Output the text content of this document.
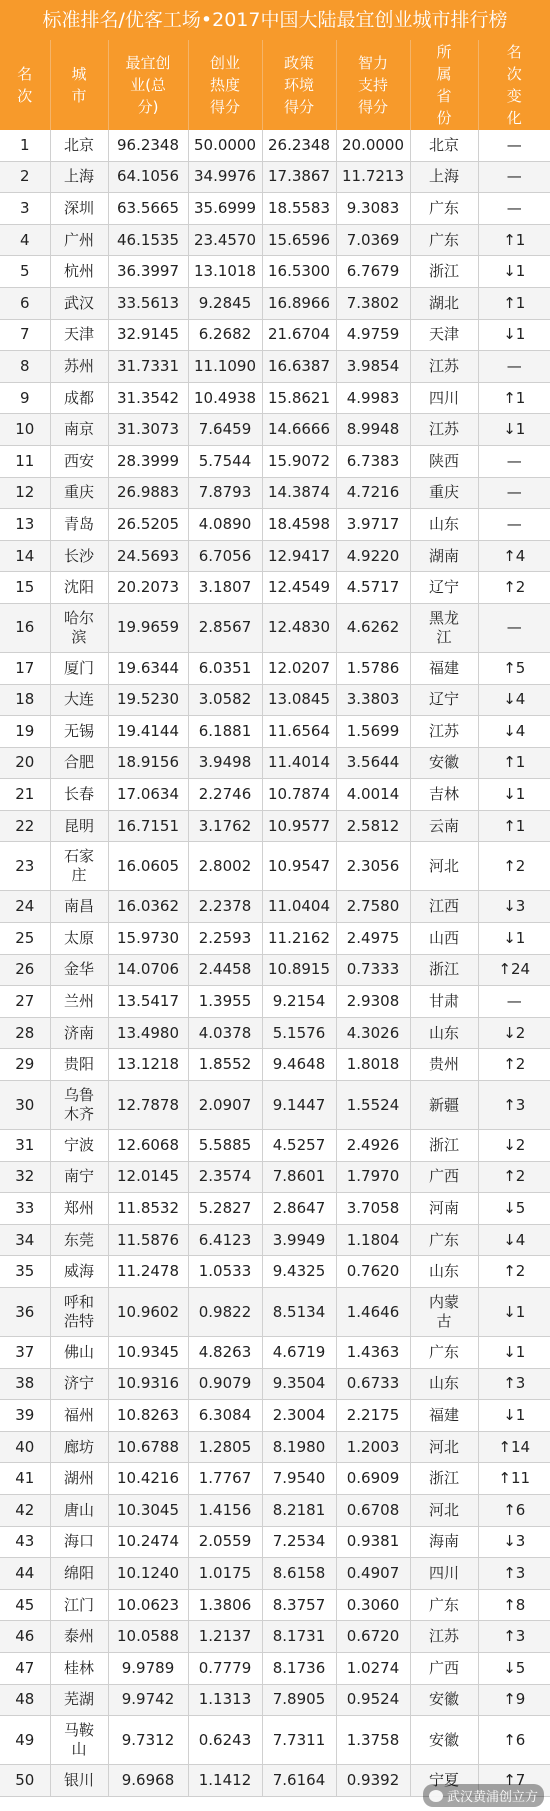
标准排名/优客工场•2017中国大陆最宜创业城市排行榜
名
次	城
市	最宜创
业(总
分)	创业
热度
得分	政策
环境
得分	智力
支持
得分	所
属
省
份	名
次
变
化
1	北京	96.2348	50.0000	26.2348	20.0000	北京	—
2	上海	64.1056	34.9976	17.3867	11.7213	上海	—
3	深圳	63.5665	35.6999	18.5583	9.3083	广东	—
4	广州	46.1535	23.4570	15.6596	7.0369	广东	↑1
5	杭州	36.3997	13.1018	16.5300	6.7679	浙江	↓1
6	武汉	33.5613	9.2845	16.8966	7.3802	湖北	↑1
7	天津	32.9145	6.2682	21.6704	4.9759	天津	↓1
8	苏州	31.7331	11.1090	16.6387	3.9854	江苏	—
9	成都	31.3542	10.4938	15.8621	4.9983	四川	↑1
10	南京	31.3073	7.6459	14.6666	8.9948	江苏	↓1
11	西安	28.3999	5.7544	15.9072	6.7383	陕西	—
12	重庆	26.9883	7.8793	14.3874	4.7216	重庆	—
13	青岛	26.5205	4.0890	18.4598	3.9717	山东	—
14	长沙	24.5693	6.7056	12.9417	4.9220	湖南	↑4
15	沈阳	20.2073	3.1807	12.4549	4.5717	辽宁	↑2
16	哈尔
滨	19.9659	2.8567	12.4830	4.6262	黑龙
江	—
17	厦门	19.6344	6.0351	12.0207	1.5786	福建	↑5
18	大连	19.5230	3.0582	13.0845	3.3803	辽宁	↓4
19	无锡	19.4144	6.1881	11.6564	1.5699	江苏	↓4
20	合肥	18.9156	3.9498	11.4014	3.5644	安徽	↑1
21	长春	17.0634	2.2746	10.7874	4.0014	吉林	↓1
22	昆明	16.7151	3.1762	10.9577	2.5812	云南	↑1
23	石家
庄	16.0605	2.8002	10.9547	2.3056	河北	↑2
24	南昌	16.0362	2.2378	11.0404	2.7580	江西	↓3
25	太原	15.9730	2.2593	11.2162	2.4975	山西	↓1
26	金华	14.0706	2.4458	10.8915	0.7333	浙江	↑24
27	兰州	13.5417	1.3955	9.2154	2.9308	甘肃	—
28	济南	13.4980	4.0378	5.1576	4.3026	山东	↓2
29	贵阳	13.1218	1.8552	9.4648	1.8018	贵州	↑2
30	乌鲁
木齐	12.7878	2.0907	9.1447	1.5524	新疆	↑3
31	宁波	12.6068	5.5885	4.5257	2.4926	浙江	↓2
32	南宁	12.0145	2.3574	7.8601	1.7970	广西	↑2
33	郑州	11.8532	5.2827	2.8647	3.7058	河南	↓5
34	东莞	11.5876	6.4123	3.9949	1.1804	广东	↓4
35	威海	11.2478	1.0533	9.4325	0.7620	山东	↑2
36	呼和
浩特	10.9602	0.9822	8.5134	1.4646	内蒙
古	↓1
37	佛山	10.9345	4.8263	4.6719	1.4363	广东	↓1
38	济宁	10.9316	0.9079	9.3504	0.6733	山东	↑3
39	福州	10.8263	6.3084	2.3004	2.2175	福建	↓1
40	廊坊	10.6788	1.2805	8.1980	1.2003	河北	↑14
41	湖州	10.4216	1.7767	7.9540	0.6909	浙江	↑11
42	唐山	10.3045	1.4156	8.2181	0.6708	河北	↑6
43	海口	10.2474	2.0559	7.2534	0.9381	海南	↓3
44	绵阳	10.1240	1.0175	8.6158	0.4907	四川	↑3
45	江门	10.0623	1.3806	8.3757	0.3060	广东	↑8
46	泰州	10.0588	1.2137	8.1731	0.6720	江苏	↑3
47	桂林	9.9789	0.7779	8.1736	1.0274	广西	↓5
48	芜湖	9.9742	1.1313	7.8905	0.9524	安徽	↑9
49	马鞍
山	9.7312	0.6243	7.7311	1.3758	安徽	↑6
50	银川	9.6968	1.1412	7.6164	0.9392	宁夏	↑7
武汉黄浦创立方
